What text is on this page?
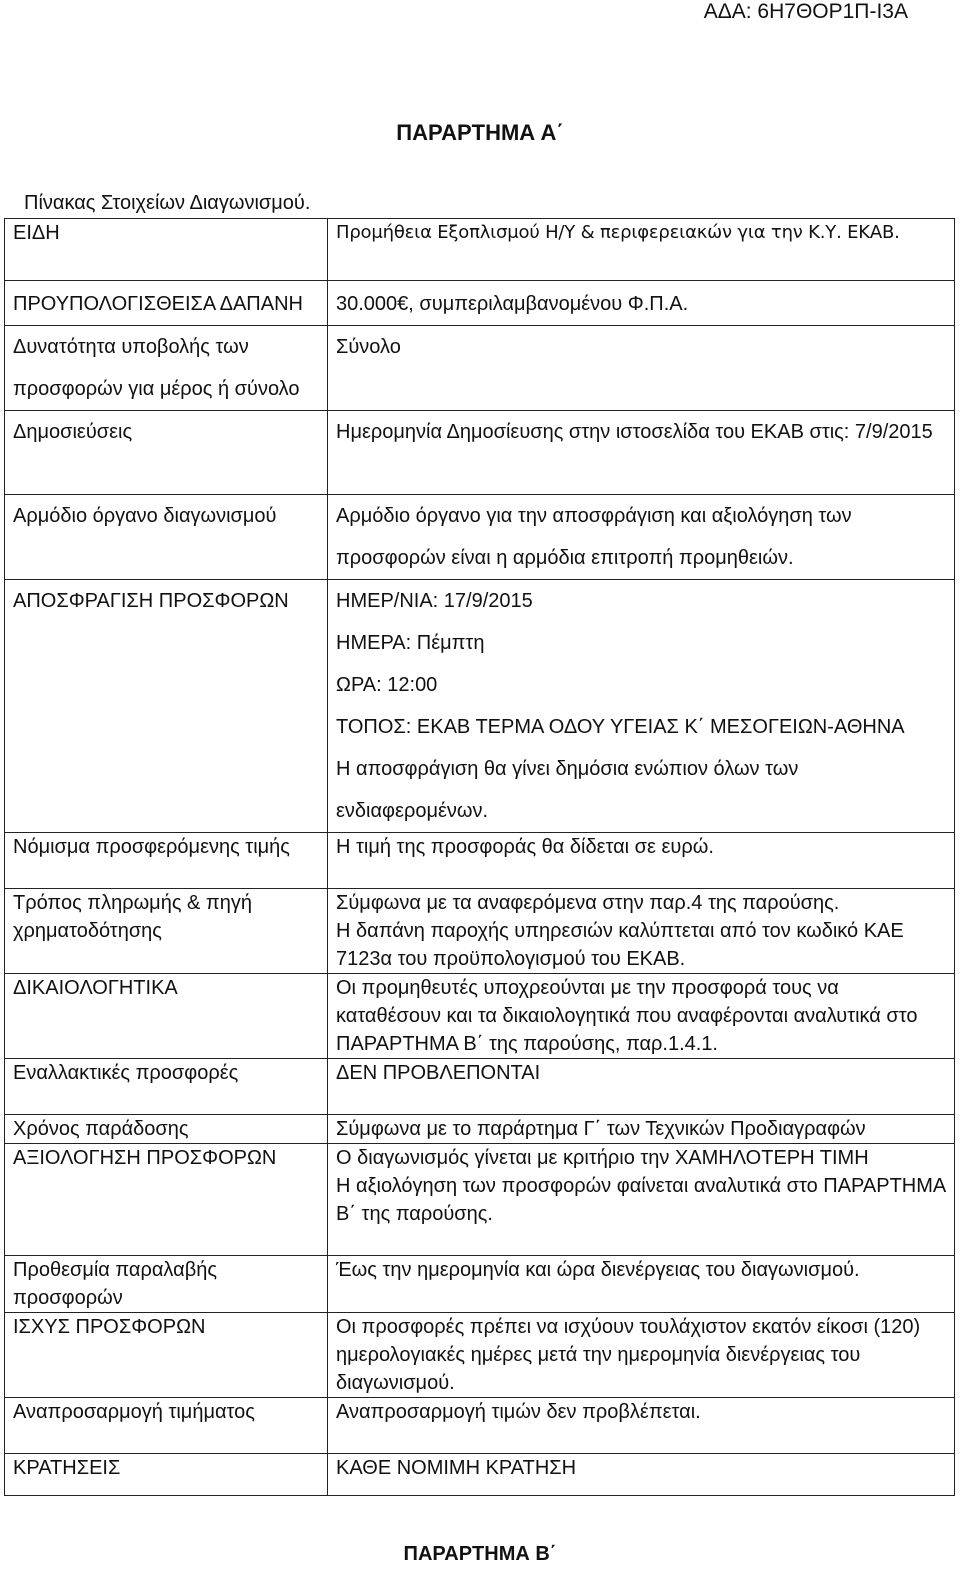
ΑΔΑ: 6Η7ΘΟΡ1Π-Ι3Α
ΠΑΡΑΡΤΗΜΑ Α΄
Πίνακας Στοιχείων Διαγωνισμού.
ΕΙΔΗ	Προμήθεια Εξοπλισμού Η/Υ & περιφερειακών για την Κ.Υ. ΕΚΑΒ.

ΠΡΟΥΠΟΛΟΓΙΣΘΕΙΣΑ ΔΑΠΑΝΗ	30.000€, συμπεριλαμβανομένου Φ.Π.Α.

Δυνατότητα υποβολής των προσφορών για μέρος ή σύνολο	Σύνολο

Δημοσιεύσεις	Ημερομηνία Δημοσίευσης στην ιστοσελίδα του ΕΚΑΒ στις: 7/9/2015

Αρμόδιο όργανο διαγωνισμού	Αρμόδιο όργανο για την αποσφράγιση και αξιολόγηση των προσφορών είναι η αρμόδια επιτροπή προμηθειών.

ΑΠΟΣΦΡΑΓΙΣΗ ΠΡΟΣΦΟΡΩΝ	ΗΜΕΡ/ΝΙΑ: 17/9/2015
ΗΜΕΡΑ: Πέμπτη
ΩΡΑ: 12:00
ΤΟΠΟΣ: ΕΚΑΒ ΤΕΡΜΑ ΟΔΟΥ ΥΓΕΙΑΣ Κ΄ ΜΕΣΟΓΕΙΩΝ-ΑΘΗΝΑ
Η αποσφράγιση θα γίνει δημόσια ενώπιον όλων των ενδιαφερομένων.

Νόμισμα προσφερόμενης τιμής	Η τιμή της προσφοράς θα δίδεται σε ευρώ.

Τρόπος πληρωμής & πηγή χρηματοδότησης	Σύμφωνα με τα αναφερόμενα στην παρ.4 της παρούσης.
Η δαπάνη παροχής υπηρεσιών καλύπτεται από τον κωδικό ΚΑΕ 7123α του προϋπολογισμού του ΕΚΑΒ.

ΔΙΚΑΙΟΛΟΓΗΤΙΚΑ	Οι προμηθευτές υποχρεούνται με την προσφορά τους να καταθέσουν και τα δικαιολογητικά που αναφέρονται αναλυτικά στο ΠΑΡΑΡΤΗΜΑ Β΄ της παρούσης, παρ.1.4.1.

Εναλλακτικές προσφορές	ΔΕΝ ΠΡΟΒΛΕΠΟΝΤΑΙ

Χρόνος παράδοσης	Σύμφωνα με το παράρτημα Γ΄ των Τεχνικών Προδιαγραφών

ΑΞΙΟΛΟΓΗΣΗ ΠΡΟΣΦΟΡΩΝ	Ο διαγωνισμός γίνεται με κριτήριο την ΧΑΜΗΛΟΤΕΡΗ ΤΙΜΗ
Η αξιολόγηση των προσφορών φαίνεται αναλυτικά στο ΠΑΡΑΡΤΗΜΑ Β΄ της παρούσης.

Προθεσμία παραλαβής προσφορών	Έως την ημερομηνία και ώρα διενέργειας του διαγωνισμού.

ΙΣΧΥΣ ΠΡΟΣΦΟΡΩΝ	Οι προσφορές πρέπει να ισχύουν τουλάχιστον εκατόν είκοσι (120) ημερολογιακές ημέρες μετά την ημερομηνία διενέργειας του διαγωνισμού.

Αναπροσαρμογή τιμήματος	Αναπροσαρμογή τιμών δεν προβλέπεται.

ΚΡΑΤΗΣΕΙΣ	ΚΑΘΕ ΝΟΜΙΜΗ ΚΡΑΤΗΣΗ
ΠΑΡΑΡΤΗΜΑ Β΄
